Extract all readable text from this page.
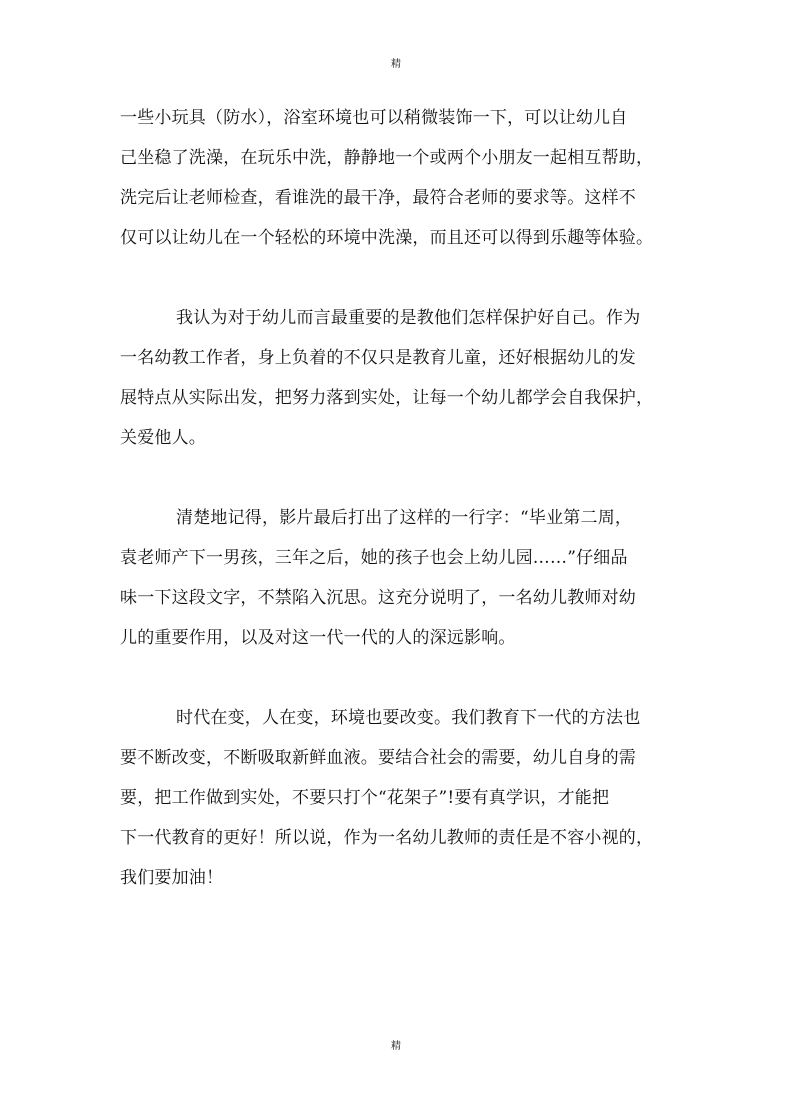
精
一些小玩具（防水），浴室环境也可以稍微装饰一下，可以让幼儿自
己坐稳了洗澡，在玩乐中洗，静静地一个或两个小朋友一起相互帮助，
洗完后让老师检查，看谁洗的最干净，最符合老师的要求等。这样不
仅可以让幼儿在一个轻松的环境中洗澡，而且还可以得到乐趣等体验。
我认为对于幼儿而言最重要的是教他们怎样保护好自己。作为
一名幼教工作者，身上负着的不仅只是教育儿童，还好根据幼儿的发
展特点从实际出发，把努力落到实处，让每一个幼儿都学会自我保护，
关爱他人。
清楚地记得，影片最后打出了这样的一行字：“毕业第二周，
袁老师产下一男孩，三年之后，她的孩子也会上幼儿园……”仔细品
味一下这段文字，不禁陷入沉思。这充分说明了，一名幼儿教师对幼
儿的重要作用，以及对这一代一代的人的深远影响。
时代在变，人在变，环境也要改变。我们教育下一代的方法也
要不断改变，不断吸取新鲜血液。要结合社会的需要，幼儿自身的需
要，把工作做到实处，不要只打个“花架子”!要有真学识，才能把
下一代教育的更好！所以说，作为一名幼儿教师的责任是不容小视的，
我们要加油！
精
